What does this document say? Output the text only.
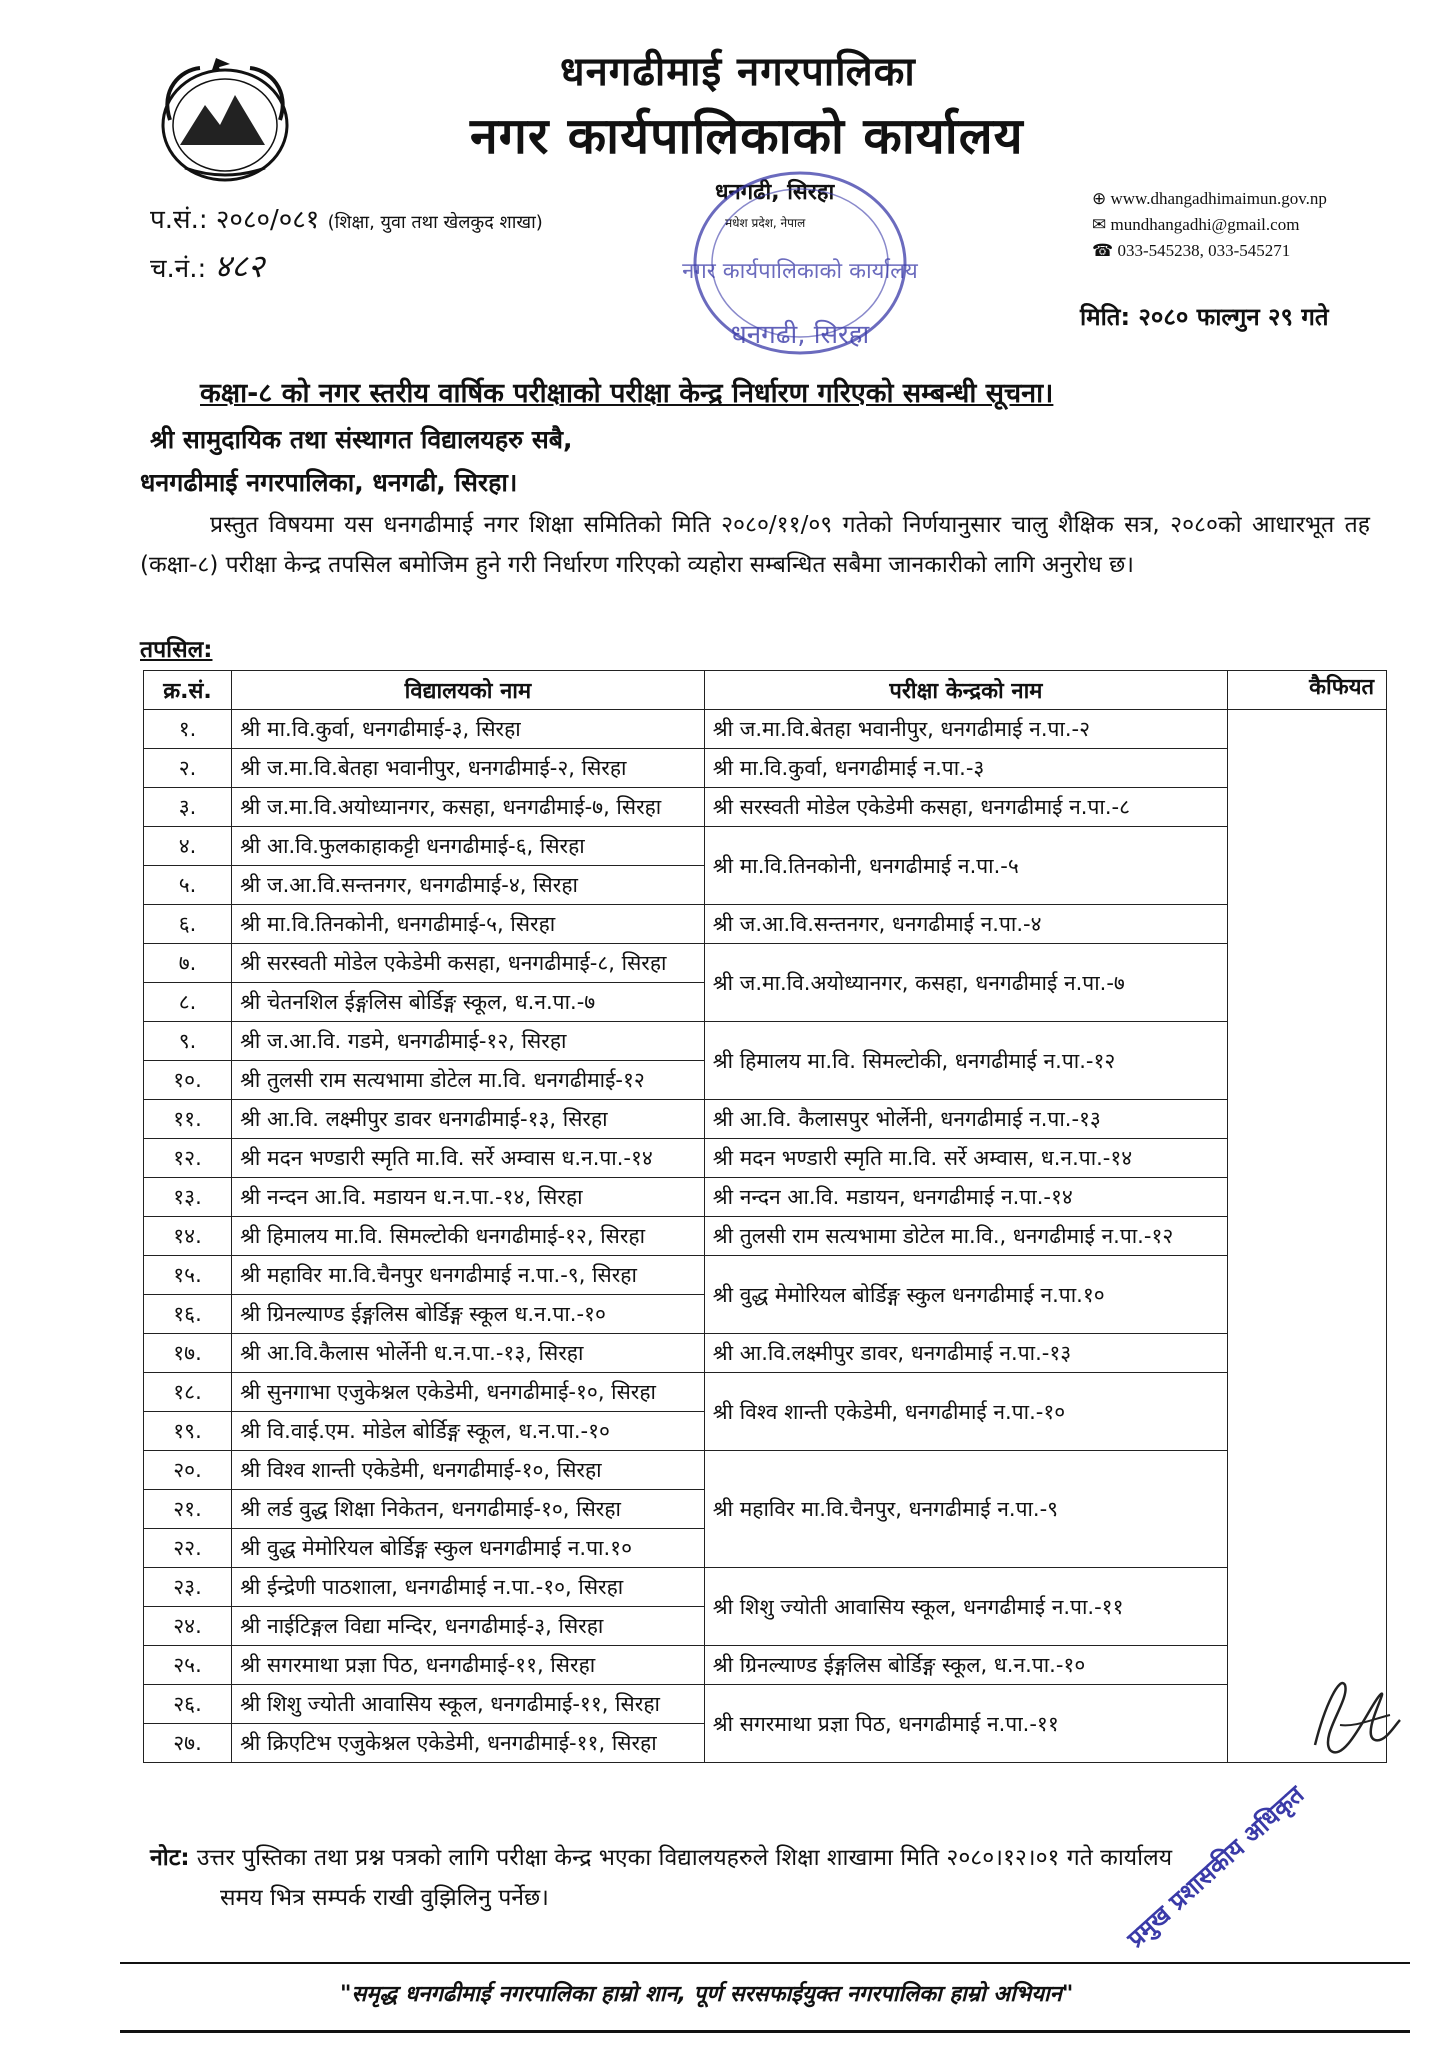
धनगढीमाई नगरपालिका
नगर कार्यपालिकाको कार्यालय
प.सं.: २०८०/०८१ (शिक्षा, युवा तथा खेलकुद शाखा)
च.नं.: ४८२
धनगढी, सिरहा
मधेश प्रदेश, नेपाल
नगर कार्यपालिकाको कार्यालय
धनगढी, सिरहा
⊕ www.dhangadhimaimun.gov.np
✉ mundhangadhi@gmail.com
☎ 033-545238, 033-545271
मिति: २०८० फाल्गुन २९ गते
कक्षा-८ को नगर स्तरीय वार्षिक परीक्षाको परीक्षा केन्द्र निर्धारण गरिएको सम्बन्धी सूचना।
श्री सामुदायिक तथा संस्थागत विद्यालयहरु सबै,
धनगढीमाई नगरपालिका, धनगढी, सिरहा।
प्रस्तुत विषयमा यस धनगढीमाई नगर शिक्षा समितिको मिति २०८०/११/०९ गतेको निर्णयानुसार चालु शैक्षिक सत्र, २०८०को आधारभूत तह (कक्षा-८) परीक्षा केन्द्र तपसिल बमोजिम हुने गरी निर्धारण गरिएको व्यहोरा सम्बन्धित सबैमा जानकारीको लागि अनुरोध छ।
तपसिल:
क्र.सं.	विद्यालयको नाम	परीक्षा केन्द्रको नाम	कैफियत
१.	श्री मा.वि.कुर्वा, धनगढीमाई-३, सिरहा	श्री ज.मा.वि.बेतहा भवानीपुर, धनगढीमाई न.पा.-२	
२.	श्री ज.मा.वि.बेतहा भवानीपुर, धनगढीमाई-२, सिरहा	श्री मा.वि.कुर्वा, धनगढीमाई न.पा.-३	
३.	श्री ज.मा.वि.अयोध्यानगर, कसहा, धनगढीमाई-७, सिरहा	श्री सरस्वती मोडेल एकेडेमी कसहा, धनगढीमाई न.पा.-८	
४.	श्री आ.वि.फुलकाहाकट्टी धनगढीमाई-६, सिरहा	श्री मा.वि.तिनकोनी, धनगढीमाई न.पा.-५	
५.	श्री ज.आ.वि.सन्तनगर, धनगढीमाई-४, सिरहा		
६.	श्री मा.वि.तिनकोनी, धनगढीमाई-५, सिरहा	श्री ज.आ.वि.सन्तनगर, धनगढीमाई न.पा.-४	
७.	श्री सरस्वती मोडेल एकेडेमी कसहा, धनगढीमाई-८, सिरहा	श्री ज.मा.वि.अयोध्यानगर, कसहा, धनगढीमाई न.पा.-७	
८.	श्री चेतनशिल ईङ्गलिस बोर्डिङ्ग स्कूल, ध.न.पा.-७		
९.	श्री ज.आ.वि. गडमे, धनगढीमाई-१२, सिरहा	श्री हिमालय मा.वि. सिमल्टोकी, धनगढीमाई न.पा.-१२	
१०.	श्री तुलसी राम सत्यभामा डोटेल मा.वि. धनगढीमाई-१२		
११.	श्री आ.वि. लक्ष्मीपुर डावर धनगढीमाई-१३, सिरहा	श्री आ.वि. कैलासपुर भोर्लेनी, धनगढीमाई न.पा.-१३	
१२.	श्री मदन भण्डारी स्मृति मा.वि. सर्रे अम्वास ध.न.पा.-१४	श्री मदन भण्डारी स्मृति मा.वि. सर्रे अम्वास, ध.न.पा.-१४	
१३.	श्री नन्दन आ.वि. मडायन ध.न.पा.-१४, सिरहा	श्री नन्दन आ.वि. मडायन, धनगढीमाई न.पा.-१४	
१४.	श्री हिमालय मा.वि. सिमल्टोकी धनगढीमाई-१२, सिरहा	श्री तुलसी राम सत्यभामा डोटेल मा.वि., धनगढीमाई न.पा.-१२	
१५.	श्री महाविर मा.वि.चैनपुर धनगढीमाई न.पा.-९, सिरहा	श्री वुद्ध मेमोरियल बोर्डिङ्ग स्कुल धनगढीमाई न.पा.१०	
१६.	श्री ग्रिनल्याण्ड ईङ्गलिस बोर्डिङ्ग स्कूल ध.न.पा.-१०		
१७.	श्री आ.वि.कैलास भोर्लेनी ध.न.पा.-१३, सिरहा	श्री आ.वि.लक्ष्मीपुर डावर, धनगढीमाई न.पा.-१३	
१८.	श्री सुनगाभा एजुकेश्नल एकेडेमी, धनगढीमाई-१०, सिरहा	श्री विश्व शान्ती एकेडेमी, धनगढीमाई न.पा.-१०	
१९.	श्री वि.वाई.एम. मोडेल बोर्डिङ्ग स्कूल, ध.न.पा.-१०		
२०.	श्री विश्व शान्ती एकेडेमी, धनगढीमाई-१०, सिरहा	श्री महाविर मा.वि.चैनपुर, धनगढीमाई न.पा.-९	
२१.	श्री लर्ड वुद्ध शिक्षा निकेतन, धनगढीमाई-१०, सिरहा		
२२.	श्री वुद्ध मेमोरियल बोर्डिङ्ग स्कुल धनगढीमाई न.पा.१०		
२३.	श्री ईन्द्रेणी पाठशाला, धनगढीमाई न.पा.-१०, सिरहा	श्री शिशु ज्योती आवासिय स्कूल, धनगढीमाई न.पा.-११	
२४.	श्री नाईटिङ्गल विद्या मन्दिर, धनगढीमाई-३, सिरहा		
२५.	श्री सगरमाथा प्रज्ञा पिठ, धनगढीमाई-११, सिरहा	श्री ग्रिनल्याण्ड ईङ्गलिस बोर्डिङ्ग स्कूल, ध.न.पा.-१०	
२६.	श्री शिशु ज्योती आवासिय स्कूल, धनगढीमाई-११, सिरहा	श्री सगरमाथा प्रज्ञा पिठ, धनगढीमाई न.पा.-११	
२७.	श्री क्रिएटिभ एजुकेश्नल एकेडेमी, धनगढीमाई-११, सिरहा		
नोट: उत्तर पुस्तिका तथा प्रश्न पत्रको लागि परीक्षा केन्द्र भएका विद्यालयहरुले शिक्षा शाखामा मिति २०८०।१२।०१ गते कार्यालय
समय भित्र सम्पर्क राखी वुझिलिनु पर्नेछ।	प्रमुख प्रशासकीय अधिकृत
"समृद्ध धनगढीमाई नगरपालिका हाम्रो शान, पूर्ण सरसफाईयुक्त नगरपालिका हाम्रो अभियान"
